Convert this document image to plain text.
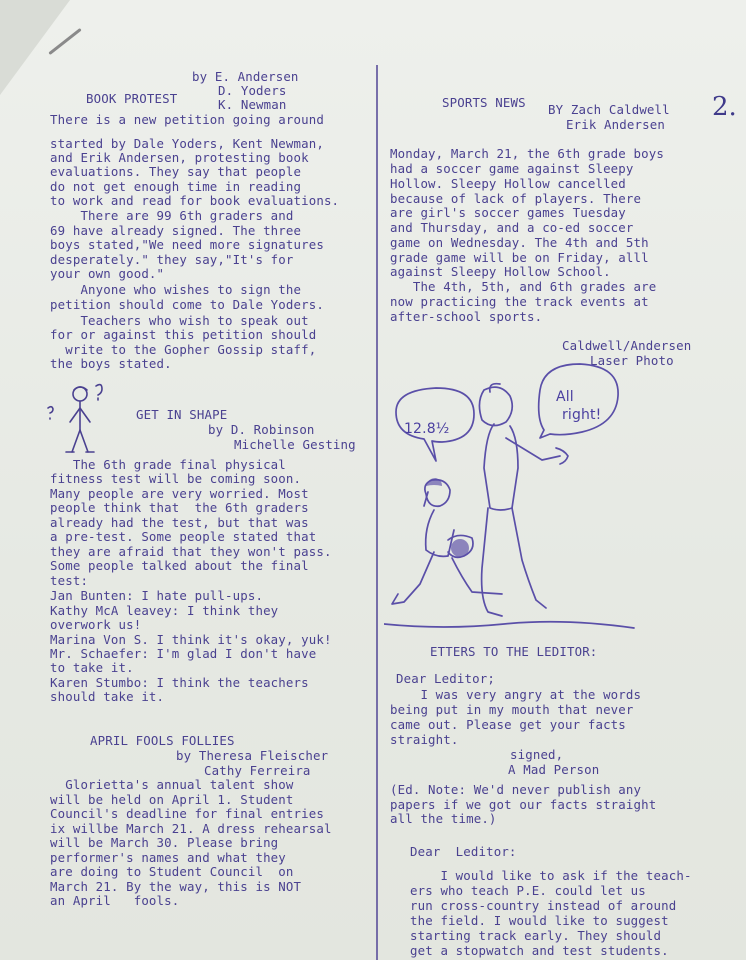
2.
by E. Andersen
D. Yoders
K. Newman
BOOK PROTEST
There is a new petition going around
started by Dale Yoders, Kent Newman,
and Erik Andersen, protesting book
evaluations. They say that people
do not get enough time in reading
to work and read for book evaluations.
There are 99 6th graders and
69 have already signed. The three
boys stated,"We need more signatures
desperately." they say,"It's for
your own good."
Anyone who wishes to sign the
petition should come to Dale Yoders.
Teachers who wish to speak out
for or against this petition should
write to the Gopher Gossip staff,
the boys stated.
GET IN SHAPE
by D. Robinson
Michelle Gesting
The 6th grade final physical
fitness test will be coming soon.
Many people are very worried. Most
people think that  the 6th graders
already had the test, but that was
a pre-test. Some people stated that
they are afraid that they won't pass.
Some people talked about the final
test:
Jan Bunten: I hate pull-ups.
Kathy McA leavey: I think they
overwork us!
Marina Von S. I think it's okay, yuk!
Mr. Schaefer: I'm glad I don't have
to take it.
Karen Stumbo: I think the teachers
should take it.
APRIL FOOLS FOLLIES
by Theresa Fleischer
Cathy Ferreira
Glorietta's annual talent show
will be held on April 1. Student
Council's deadline for final entries
ix willbe March 21. A dress rehearsal
will be March 30. Please bring
performer's names and what they
are doing to Student Council  on
March 21. By the way, this is NOT
an April   fools.
SPORTS NEWS BY Zach Caldwell
Erik Andersen
Monday, March 21, the 6th grade boys
had a soccer game against Sleepy
Hollow. Sleepy Hollow cancelled
because of lack of players. There
are girl's soccer games Tuesday
and Thursday, and a co-ed soccer
game on Wednesday. The 4th and 5th
grade game will be on Friday, alll
against Sleepy Hollow School.
The 4th, 5th, and 6th grades are
now practicing the track events at
after-school sports.
Caldwell/Andersen
Laser Photo
12.8½
All
right!
ETTERS TO THE LEDITOR:
Dear Leditor;
I was very angry at the words
being put in my mouth that never
came out. Please get your facts
straight.
signed,
A Mad Person
(Ed. Note: We'd never publish any
papers if we got our facts straight
all the time.)
Dear  Leditor:
I would like to ask if the teach-
ers who teach P.E. could let us
run cross-country instead of around
the field. I would like to suggest
starting track early. They should
get a stopwatch and test students.
